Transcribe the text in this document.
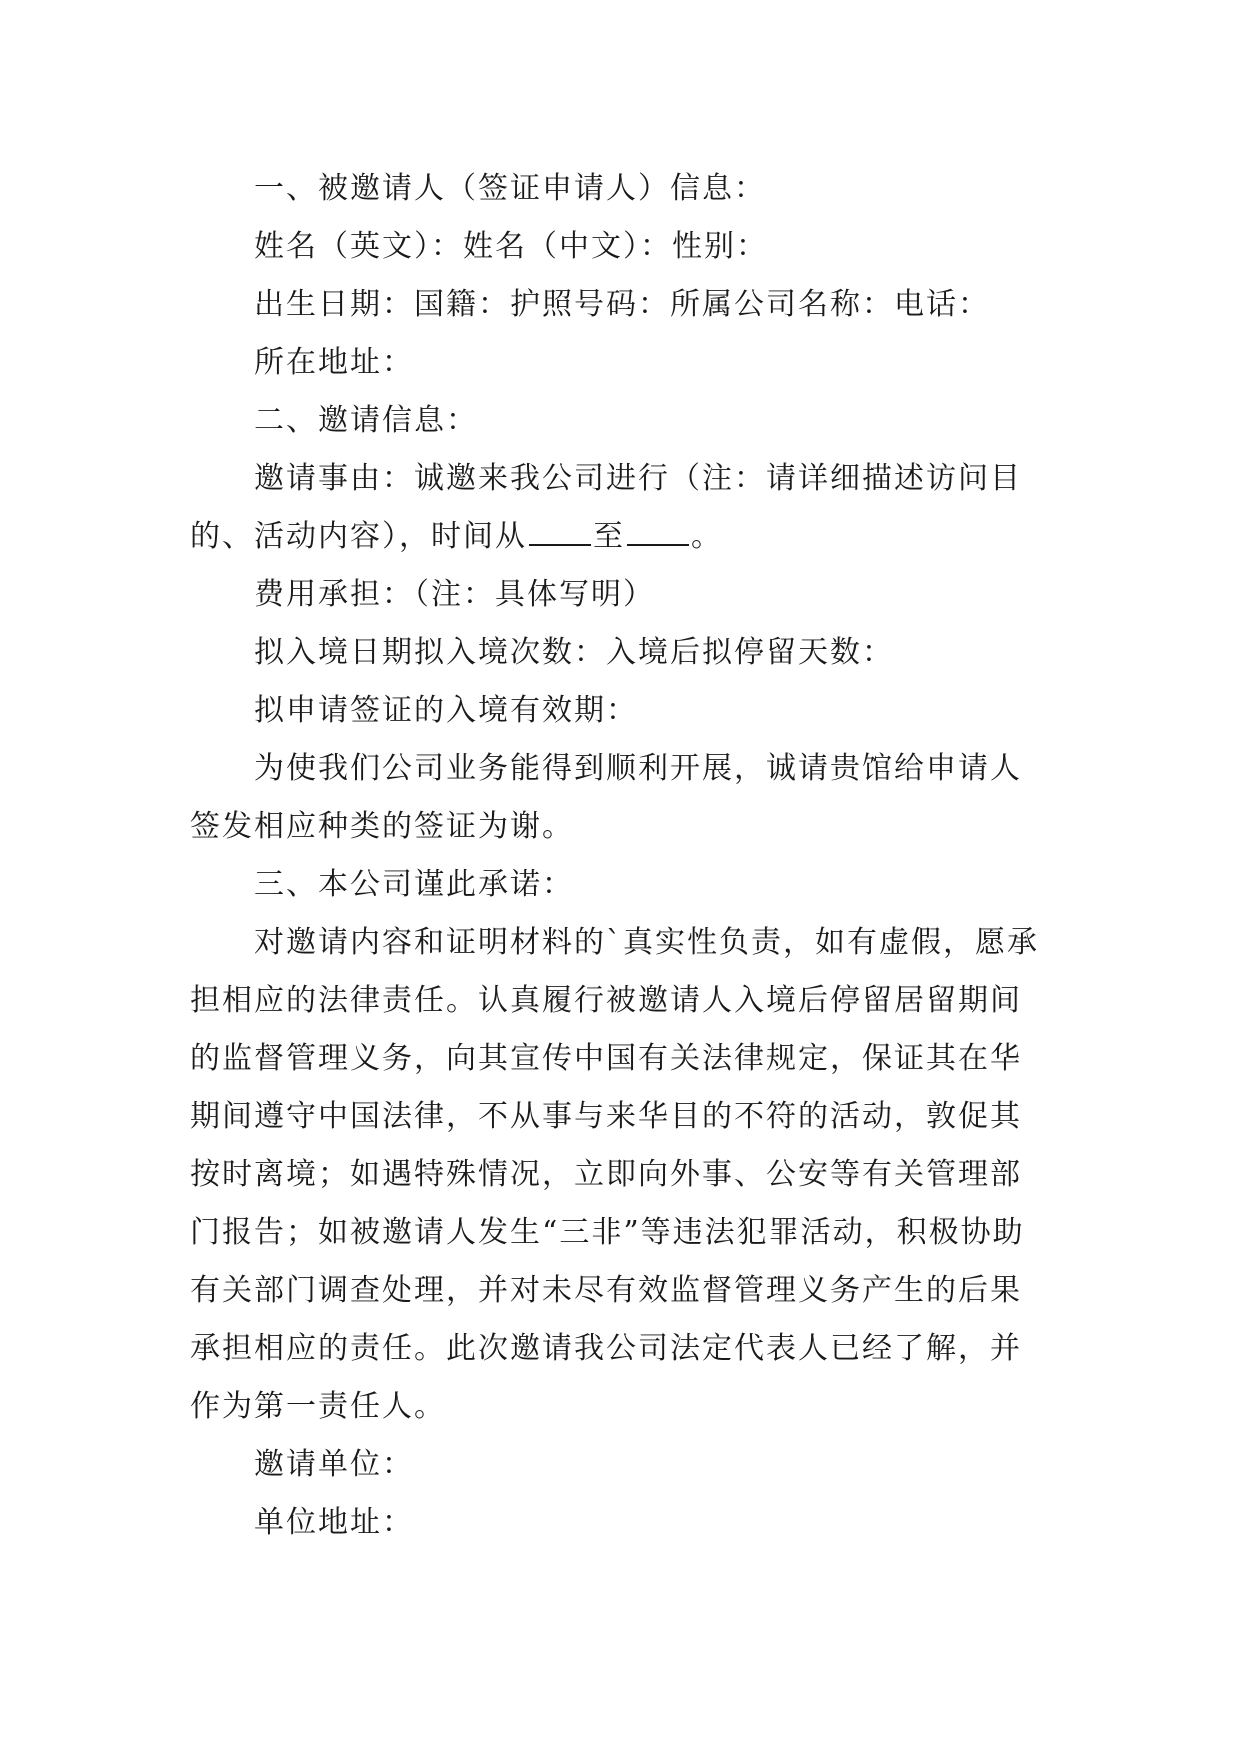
一、被邀请人（签证申请人）信息：

姓名（英文）：姓名（中文）：性别：

出生日期：国籍：护照号码：所属公司名称：电话：

所在地址：

二、邀请信息：

邀请事由：诚邀来我公司进行（注：请详细描述访问目的、活动内容），时间从 至 。

费用承担：（注：具体写明）

拟入境日期拟入境次数：入境后拟停留天数：

拟申请签证的入境有效期：

为使我们公司业务能得到顺利开展，诚请贵馆给申请人签发相应种类的签证为谢。

三、本公司谨此承诺：

对邀请内容和证明材料的`真实性负责，如有虚假，愿承担相应的法律责任。认真履行被邀请人入境后停留居留期间的监督管理义务，向其宣传中国有关法律规定，保证其在华期间遵守中国法律，不从事与来华目的不符的活动，敦促其按时离境；如遇特殊情况，立即向外事、公安等有关管理部门报告；如被邀请人发生“三非”等违法犯罪活动，积极协助有关部门调查处理，并对未尽有效监督管理义务产生的后果承担相应的责任。此次邀请我公司法定代表人已经了解，并作为第一责任人。

邀请单位：

单位地址：
